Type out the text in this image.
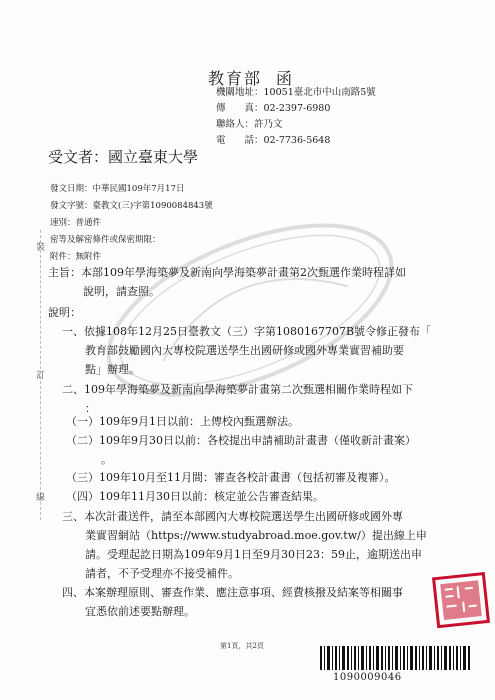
教育部 函
機關地址：10051臺北市中山南路5號
傳　　真：02-2397-6980
聯絡人：許乃文
電　　話：02-7736-5648
受文者：國立臺東大學
發文日期：中華民國109年7月17日
發文字號：臺教文(三)字第1090084843號
速別：普通件
密等及解密條件或保密期限：
附件：無附件
主旨：本部109年學海築夢及新南向學海築夢計畫第2次甄選作業時程詳如
說明，請查照。
說明：
一、依據108年12月25日臺教文（三）字第1080167707B號令修正發布「
教育部鼓勵國內大專校院選送學生出國研修或國外專業實習補助要
點」辦理。
二、109年學海築夢及新南向學海築夢計畫第二次甄選相關作業時程如下
：
（一）109年9月1日以前：上傳校內甄選辦法。
（二）109年9月30日以前：各校提出申請補助計畫書（僅收新計畫案）
。
（三）109年10月至11月間：審查各校計畫書（包括初審及複審）。
（四）109年11月30日以前：核定並公告審查結果。
三、本次計畫送件，請至本部國內大專校院選送學生出國研修或國外專
業實習網站（https://www.studyabroad.moe.gov.tw/）提出線上申
請。受理起訖日期為109年9月1日至9月30日23：59止，逾期送出申
請者，不予受理亦不接受補件。
四、本案辦理原則、審查作業、應注意事項、經費核撥及結案等相關事
宜悉依前述要點辦理。
裝
訂
線
第1頁，共2頁
1090009046
